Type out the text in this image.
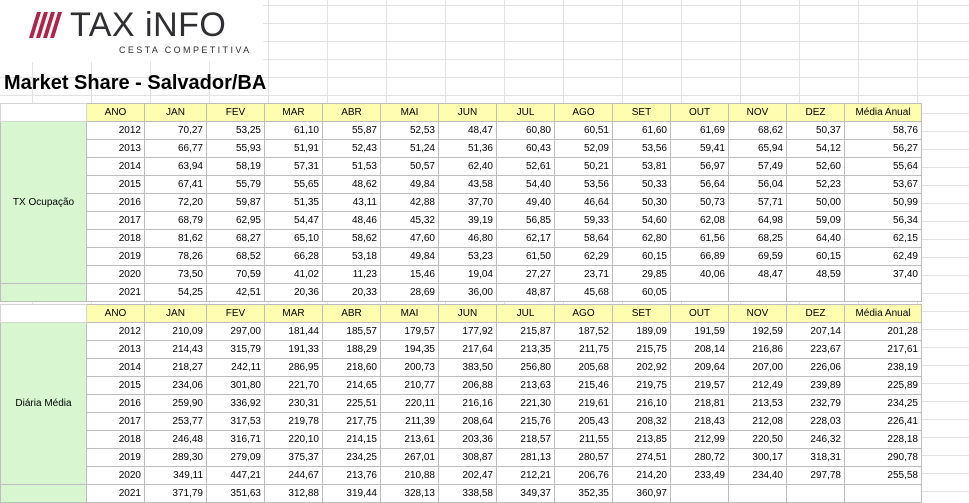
TAX iNFO
CESTA COMPETITIVA
Market Share - Salvador/BA
	ANO	JAN	FEV	MAR	ABR	MAI	JUN	JUL	AGO	SET	OUT	NOV	DEZ	Média Anual
TX Ocupação	2012	70,27	53,25	61,10	55,87	52,53	48,47	60,80	60,51	61,60	61,69	68,62	50,37	58,76
	2013	66,77	55,93	51,91	52,43	51,24	51,36	60,43	52,09	53,56	59,41	65,94	54,12	56,27
	2014	63,94	58,19	57,31	51,53	50,57	62,40	52,61	50,21	53,81	56,97	57,49	52,60	55,64
	2015	67,41	55,79	55,65	48,62	49,84	43,58	54,40	53,56	50,33	56,64	56,04	52,23	53,67
	2016	72,20	59,87	51,35	43,11	42,88	37,70	49,40	46,64	50,30	50,73	57,71	50,00	50,99
	2017	68,79	62,95	54,47	48,46	45,32	39,19	56,85	59,33	54,60	62,08	64,98	59,09	56,34
	2018	81,62	68,27	65,10	58,62	47,60	46,80	62,17	58,64	62,80	61,56	68,25	64,40	62,15
	2019	78,26	68,52	66,28	53,18	49,84	53,23	61,50	62,29	60,15	66,89	69,59	60,15	62,49
	2020	73,50	70,59	41,02	11,23	15,46	19,04	27,27	23,71	29,85	40,06	48,47	48,59	37,40
	2021	54,25	42,51	20,36	20,33	28,69	36,00	48,87	45,68	60,05				
	ANO	JAN	FEV	MAR	ABR	MAI	JUN	JUL	AGO	SET	OUT	NOV	DEZ	Média Anual
Diária Média	2012	210,09	297,00	181,44	185,57	179,57	177,92	215,87	187,52	189,09	191,59	192,59	207,14	201,28
	2013	214,43	315,79	191,33	188,29	194,35	217,64	213,35	211,75	215,75	208,14	216,86	223,67	217,61
	2014	218,27	242,11	286,95	218,60	200,73	383,50	256,80	205,68	202,92	209,64	207,00	226,06	238,19
	2015	234,06	301,80	221,70	214,65	210,77	206,88	213,63	215,46	219,75	219,57	212,49	239,89	225,89
	2016	259,90	336,92	230,31	225,51	220,11	216,16	221,30	219,61	216,10	218,81	213,53	232,79	234,25
	2017	253,77	317,53	219,78	217,75	211,39	208,64	215,76	205,43	208,32	218,43	212,08	228,03	226,41
	2018	246,48	316,71	220,10	214,15	213,61	203,36	218,57	211,55	213,85	212,99	220,50	246,32	228,18
	2019	289,30	279,09	375,37	234,25	267,01	308,87	281,13	280,57	274,51	280,72	300,17	318,31	290,78
	2020	349,11	447,21	244,67	213,76	210,88	202,47	212,21	206,76	214,20	233,49	234,40	297,78	255,58
	2021	371,79	351,63	312,88	319,44	328,13	338,58	349,37	352,35	360,97				
